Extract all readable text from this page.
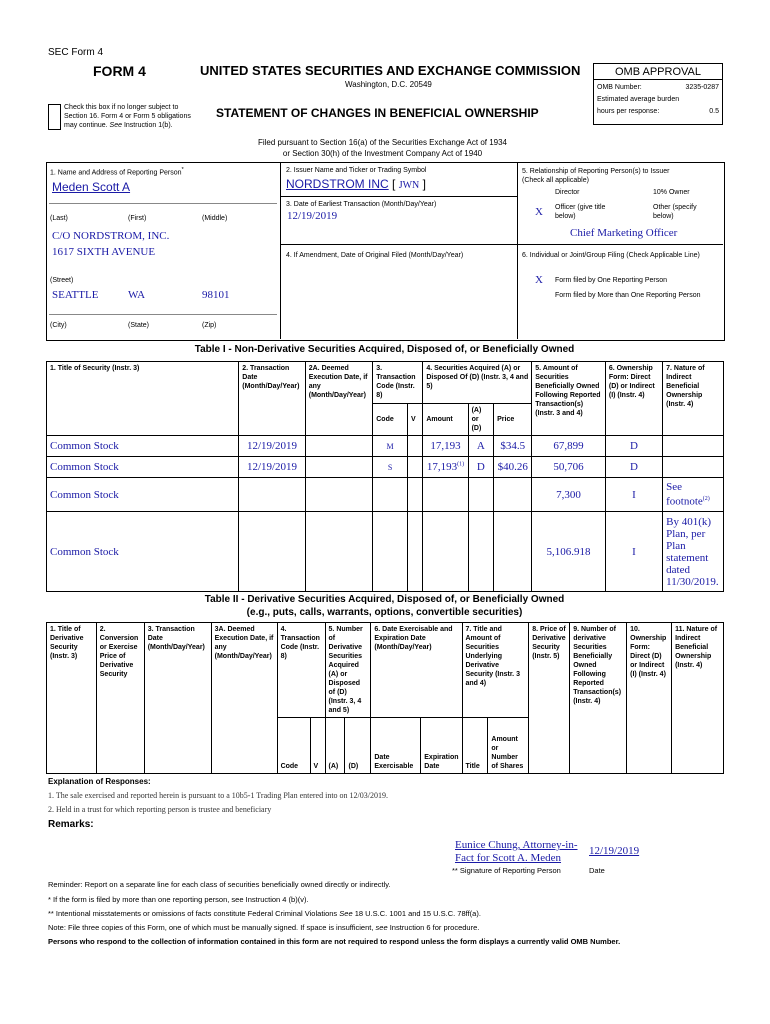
SEC Form 4
FORM 4	UNITED STATES SECURITIES AND EXCHANGE COMMISSION
Washington, D.C. 20549
Check this box if no longer subject to Section 16. Form 4 or Form 5 obligations may continue. See Instruction 1(b).
STATEMENT OF CHANGES IN BENEFICIAL OWNERSHIP
Filed pursuant to Section 16(a) of the Securities Exchange Act of 1934
or Section 30(h) of the Investment Company Act of 1940
OMB APPROVAL
OMB Number:	3235-0287
Estimated average burden
hours per response:	0.5
1. Name and Address of Reporting Person*
Meden Scott A
(Last)	(First)	(Middle)
C/O NORDSTROM, INC.
1617 SIXTH AVENUE
(Street)
SEATTLE	WA	98101
(City)	(State)	(Zip)
2. Issuer Name and Ticker or Trading Symbol
NORDSTROM INC [ JWN ]
3. Date of Earliest Transaction (Month/Day/Year)
12/19/2019
4. If Amendment, Date of Original Filed (Month/Day/Year)
5. Relationship of Reporting Person(s) to Issuer
(Check all applicable)
Director	10% Owner
X Officer (give title below)
Other (specify below)
Chief Marketing Officer
6. Individual or Joint/Group Filing (Check Applicable Line)
X Form filed by One Reporting Person
Form filed by More than One Reporting Person
Table I - Non-Derivative Securities Acquired, Disposed of, or Beneficially Owned
1. Title of Security (Instr. 3)	2. Transaction Date (Month/Day/Year)	2A. Deemed Execution Date, if any (Month/Day/Year)	3. Transaction Code (Instr. 8)		4. Securities Acquired (A) or Disposed Of (D) (Instr. 3, 4 and 5)			5. Amount of Securities Beneficially Owned Following Reported Transaction(s) (Instr. 3 and 4)	6. Ownership Form: Direct (D) or Indirect (I) (Instr. 4)	7. Nature of Indirect Beneficial Ownership (Instr. 4)
			Code	V	Amount	(A) or (D)	Price			
Common Stock	12/19/2019		M		17,193	A	$34.5	67,899	D	
Common Stock	12/19/2019		S		17,193$^{(1)}$	D	$40.26	50,706	D	
Common Stock								7,300	I	See footnote$^{(2)}$
Common Stock								5,106.918	I	By 401(k) Plan, per Plan statement dated 11/30/2019.
Table II - Derivative Securities Acquired, Disposed of, or Beneficially Owned
(e.g., puts, calls, warrants, options, convertible securities)
1. Title of Derivative Security (Instr. 3)	2. Conversion or Exercise Price of Derivative Security	3. Transaction Date (Month/Day/Year)	3A. Deemed Execution Date, if any (Month/Day/Year)	4. Transaction Code (Instr. 8)		5. Number of Derivative Securities Acquired (A) or Disposed of (D) (Instr. 3, 4 and 5)		6. Date Exercisable and Expiration Date (Month/Day/Year)		7. Title and Amount of Securities Underlying Derivative Security (Instr. 3 and 4)		8. Price of Derivative Security (Instr. 5)	9. Number of derivative Securities Beneficially Owned Following Reported Transaction(s) (Instr. 4)	10. Ownership Form: Direct (D) or Indirect (I) (Instr. 4)	11. Nature of Indirect Beneficial Ownership (Instr. 4)
				Code	V	(A)	(D)	Date Exercisable	Expiration Date	Title	Amount or Number of Shares				
Explanation of Responses:
1. The sale exercised and reported herein is pursuant to a 10b5-1 Trading Plan entered into on 12/03/2019.
2. Held in a trust for which reporting person is trustee and beneficiary
Remarks:
Eunice Chung, Attorney-in-
Fact for Scott A. Meden
12/19/2019
** Signature of Reporting Person	Date
Reminder: Report on a separate line for each class of securities beneficially owned directly or indirectly.
* If the form is filed by more than one reporting person, see Instruction 4 (b)(v).
** Intentional misstatements or omissions of facts constitute Federal Criminal Violations See 18 U.S.C. 1001 and 15 U.S.C. 78ff(a).
Note: File three copies of this Form, one of which must be manually signed. If space is insufficient, see Instruction 6 for procedure.
Persons who respond to the collection of information contained in this form are not required to respond unless the form displays a currently valid OMB Number.
